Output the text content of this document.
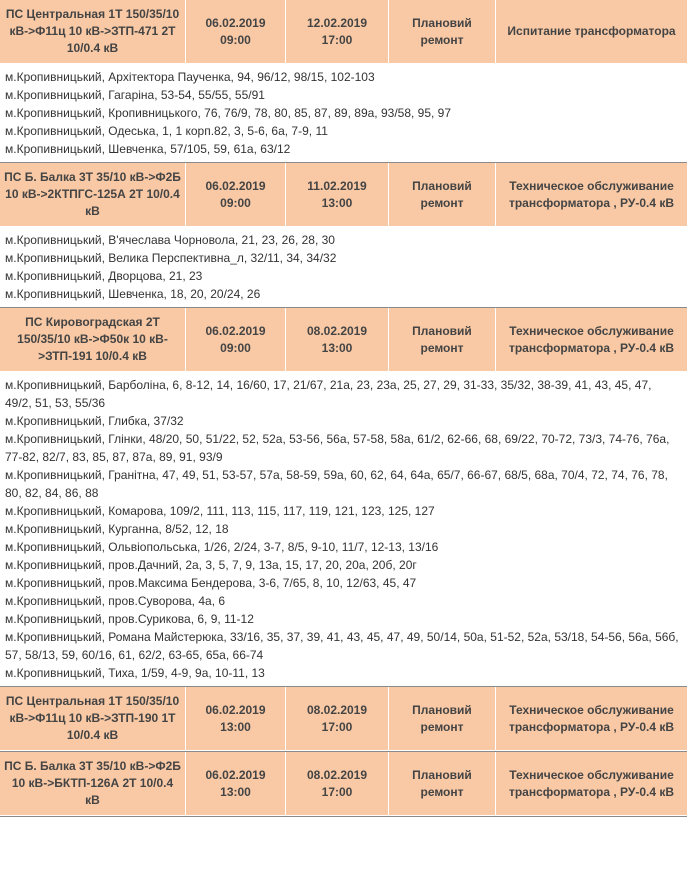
ПС Центральная 1Т 150/35/10 кВ->Ф11ц 10 кВ->ЗТП-471 2Т 10/0.4 кВ
06.02.2019
09:00
12.02.2019
17:00
Плановий ремонт
Испитание трансформатора

м.Кропивницький, Архітектора Паученка, 94, 96/12, 98/15, 102-103

м.Кропивницький, Гагаріна, 53-54, 55/55, 55/91

м.Кропивницький, Кропивницького, 76, 76/9, 78, 80, 85, 87, 89, 89а, 93/58, 95, 97

м.Кропивницький, Одеська, 1, 1 корп.82, 3, 5-6, 6а, 7-9, 11

м.Кропивницький, Шевченка, 57/105, 59, 61а, 63/12

ПС Б. Балка 3Т 35/10 кВ->Ф2Б 10 кВ->2КТПГС-125А 2Т 10/0.4 кВ
06.02.2019
09:00
11.02.2019
13:00
Плановий ремонт
Техническое обслуживание трансформатора , РУ-0.4 кВ

м.Кропивницький, В'ячеслава Чорновола, 21, 23, 26, 28, 30

м.Кропивницький, Велика Перспективна_л, 32/11, 34, 34/32

м.Кропивницький, Дворцова, 21, 23

м.Кропивницький, Шевченка, 18, 20, 20/24, 26

ПС Кировоградская 2Т 150/35/10 кВ->Ф50к 10 кВ->ЗТП-191 10/0.4 кВ
06.02.2019
09:00
08.02.2019
13:00
Плановий ремонт
Техническое обслуживание трансформатора , РУ-0.4 кВ

м.Кропивницький, Барболіна, 6, 8-12, 14, 16/60, 17, 21/67, 21а, 23, 23а, 25, 27, 29, 31-33, 35/32, 38-39, 41, 43, 45, 47, 49/2, 51, 53, 55/36

м.Кропивницький, Глибка, 37/32

м.Кропивницький, Глінки, 48/20, 50, 51/22, 52, 52а, 53-56, 56а, 57-58, 58а, 61/2, 62-66, 68, 69/22, 70-72, 73/3, 74-76, 76а, 77-82, 82/7, 83, 85, 87, 87а, 89, 91, 93/9

м.Кропивницький, Гранітна, 47, 49, 51, 53-57, 57а, 58-59, 59а, 60, 62, 64, 64а, 65/7, 66-67, 68/5, 68а, 70/4, 72, 74, 76, 78, 80, 82, 84, 86, 88

м.Кропивницький, Комарова, 109/2, 111, 113, 115, 117, 119, 121, 123, 125, 127

м.Кропивницький, Курганна, 8/52, 12, 18

м.Кропивницький, Ольвіопольська, 1/26, 2/24, 3-7, 8/5, 9-10, 11/7, 12-13, 13/16

м.Кропивницький, пров.Дачний, 2а, 3, 5, 7, 9, 13а, 15, 17, 20, 20а, 20б, 20г

м.Кропивницький, пров.Максима Бендерова, 3-6, 7/65, 8, 10, 12/63, 45, 47

м.Кропивницький, пров.Суворова, 4а, 6

м.Кропивницький, пров.Сурикова, 6, 9, 11-12

м.Кропивницький, Романа Майстерюка, 33/16, 35, 37, 39, 41, 43, 45, 47, 49, 50/14, 50а, 51-52, 52а, 53/18, 54-56, 56а, 56б, 57, 58/13, 59, 60/16, 61, 62/2, 63-65, 65а, 66-74

м.Кропивницький, Тиха, 1/59, 4-9, 9а, 10-11, 13

ПС Центральная 1Т 150/35/10 кВ->Ф11ц 10 кВ->ЗТП-190 1Т 10/0.4 кВ
06.02.2019
13:00
08.02.2019
17:00
Плановий ремонт
Техническое обслуживание трансформатора , РУ-0.4 кВ
ПС Б. Балка 3Т 35/10 кВ->Ф2Б 10 кВ->БКТП-126А 2Т 10/0.4 кВ
06.02.2019
13:00
08.02.2019
17:00
Плановий ремонт
Техническое обслуживание трансформатора , РУ-0.4 кВ
